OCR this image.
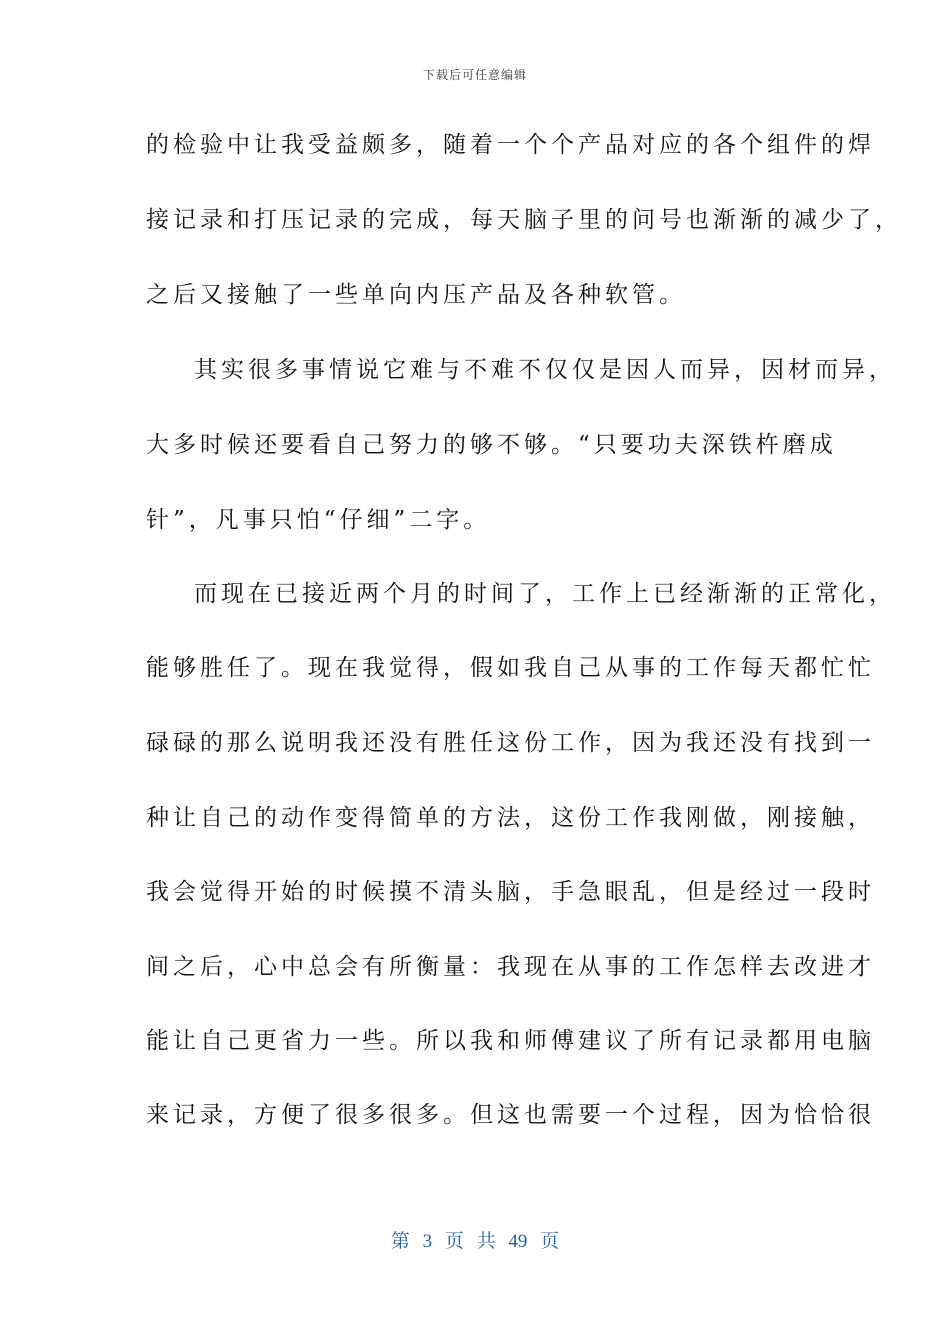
下载后可任意编辑
的检验中让我受益颇多，随着一个个产品对应的各个组件的焊
接记录和打压记录的完成，每天脑子里的问号也渐渐的减少了，
之后又接触了一些单向内压产品及各种软管。
其实很多事情说它难与不难不仅仅是因人而异，因材而异，
大多时候还要看自己努力的够不够。“只要功夫深铁杵磨成
针”，凡事只怕“仔细”二字。
而现在已接近两个月的时间了，工作上已经渐渐的正常化，
能够胜任了。现在我觉得，假如我自己从事的工作每天都忙忙
碌碌的那么说明我还没有胜任这份工作，因为我还没有找到一
种让自己的动作变得简单的方法，这份工作我刚做，刚接触，
我会觉得开始的时候摸不清头脑，手急眼乱，但是经过一段时
间之后，心中总会有所衡量：我现在从事的工作怎样去改进才
能让自己更省力一些。所以我和师傅建议了所有记录都用电脑
来记录，方便了很多很多。但这也需要一个过程，因为恰恰很
第 3 页 共 49 页
